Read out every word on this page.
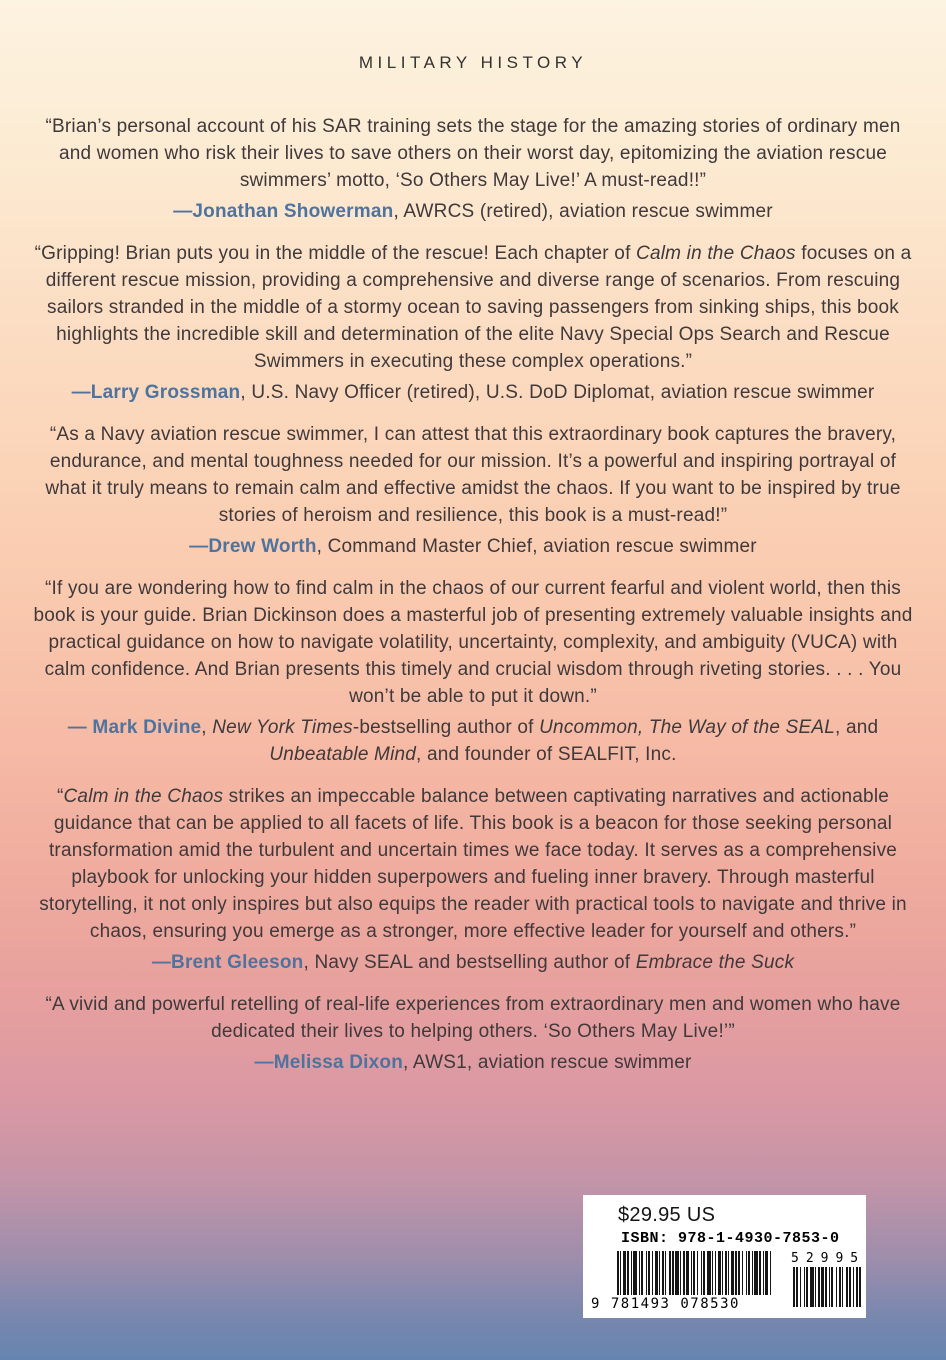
MILITARY HISTORY
“Brian’s personal account of his SAR training sets the stage for the amazing stories of ordinary men and women who risk their lives to save others on their worst day, epitomizing the aviation rescue swimmers’ motto, ‘So Others May Live!’ A must-read!!”
—Jonathan Showerman, AWRCS (retired), aviation rescue swimmer
“Gripping! Brian puts you in the middle of the rescue! Each chapter of Calm in the Chaos focuses on a different rescue mission, providing a comprehensive and diverse range of scenarios. From rescuing sailors stranded in the middle of a stormy ocean to saving passengers from sinking ships, this book highlights the incredible skill and determination of the elite Navy Special Ops Search and Rescue Swimmers in executing these complex operations.”
—Larry Grossman, U.S. Navy Officer (retired), U.S. DoD Diplomat, aviation rescue swimmer
“As a Navy aviation rescue swimmer, I can attest that this extraordinary book captures the bravery, endurance, and mental toughness needed for our mission. It’s a powerful and inspiring portrayal of what it truly means to remain calm and effective amidst the chaos. If you want to be inspired by true stories of heroism and resilience, this book is a must-read!”
—Drew Worth, Command Master Chief, aviation rescue swimmer
“If you are wondering how to find calm in the chaos of our current fearful and violent world, then this book is your guide. Brian Dickinson does a masterful job of presenting extremely valuable insights and practical guidance on how to navigate volatility, uncertainty, complexity, and ambiguity (VUCA) with calm confidence. And Brian presents this timely and crucial wisdom through riveting stories. . . . You won’t be able to put it down.”
— Mark Divine, New York Times-bestselling author of Uncommon, The Way of the SEAL, and Unbeatable Mind, and founder of SEALFIT, Inc.
“Calm in the Chaos strikes an impeccable balance between captivating narratives and actionable guidance that can be applied to all facets of life. This book is a beacon for those seeking personal transformation amid the turbulent and uncertain times we face today. It serves as a comprehensive playbook for unlocking your hidden superpowers and fueling inner bravery. Through masterful storytelling, it not only inspires but also equips the reader with practical tools to navigate and thrive in chaos, ensuring you emerge as a stronger, more effective leader for yourself and others.”
—Brent Gleeson, Navy SEAL and bestselling author of Embrace the Suck
“A vivid and powerful retelling of real-life experiences from extraordinary men and women who have dedicated their lives to helping others. ‘So Others May Live!’”
—Melissa Dixon, AWS1, aviation rescue swimmer
$29.95 US
ISBN: 978-1-4930-7853-0
9 781493 078530
52995
